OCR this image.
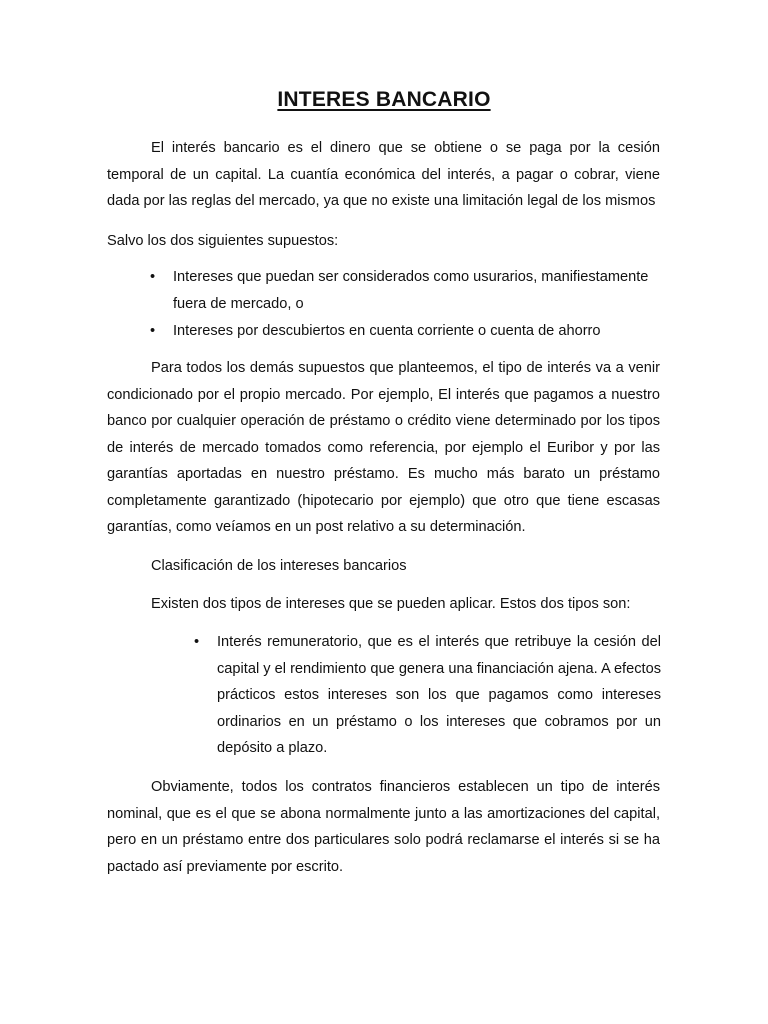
INTERES BANCARIO

El interés bancario es el dinero que se obtiene o se paga por la cesión temporal de un capital. La cuantía económica del interés, a pagar o cobrar, viene dada por las reglas del mercado, ya que no existe una limitación legal de los mismos

Salvo los dos siguientes supuestos:

• Intereses que puedan ser considerados como usurarios, manifiestamente fuera de mercado, o
• Intereses por descubiertos en cuenta corriente o cuenta de ahorro

Para todos los demás supuestos que planteemos, el tipo de interés va a venir condicionado por el propio mercado. Por ejemplo, El interés que pagamos a nuestro banco por cualquier operación de préstamo o crédito viene determinado por los tipos de interés de mercado tomados como referencia, por ejemplo el Euribor y por las garantías aportadas en nuestro préstamo. Es mucho más barato un préstamo completamente garantizado (hipotecario por ejemplo) que otro que tiene escasas garantías, como veíamos en un post relativo a su determinación.

Clasificación de los intereses bancarios

Existen dos tipos de intereses que se pueden aplicar. Estos dos tipos son:

• Interés remuneratorio, que es el interés que retribuye la cesión del capital y el rendimiento que genera una financiación ajena. A efectos prácticos estos intereses son los que pagamos como intereses ordinarios en un préstamo o los intereses que cobramos por un depósito a plazo.

Obviamente, todos los contratos financieros establecen un tipo de interés nominal, que es el que se abona normalmente junto a las amortizaciones del capital, pero en un préstamo entre dos particulares solo podrá reclamarse el interés si se ha pactado así previamente por escrito.
